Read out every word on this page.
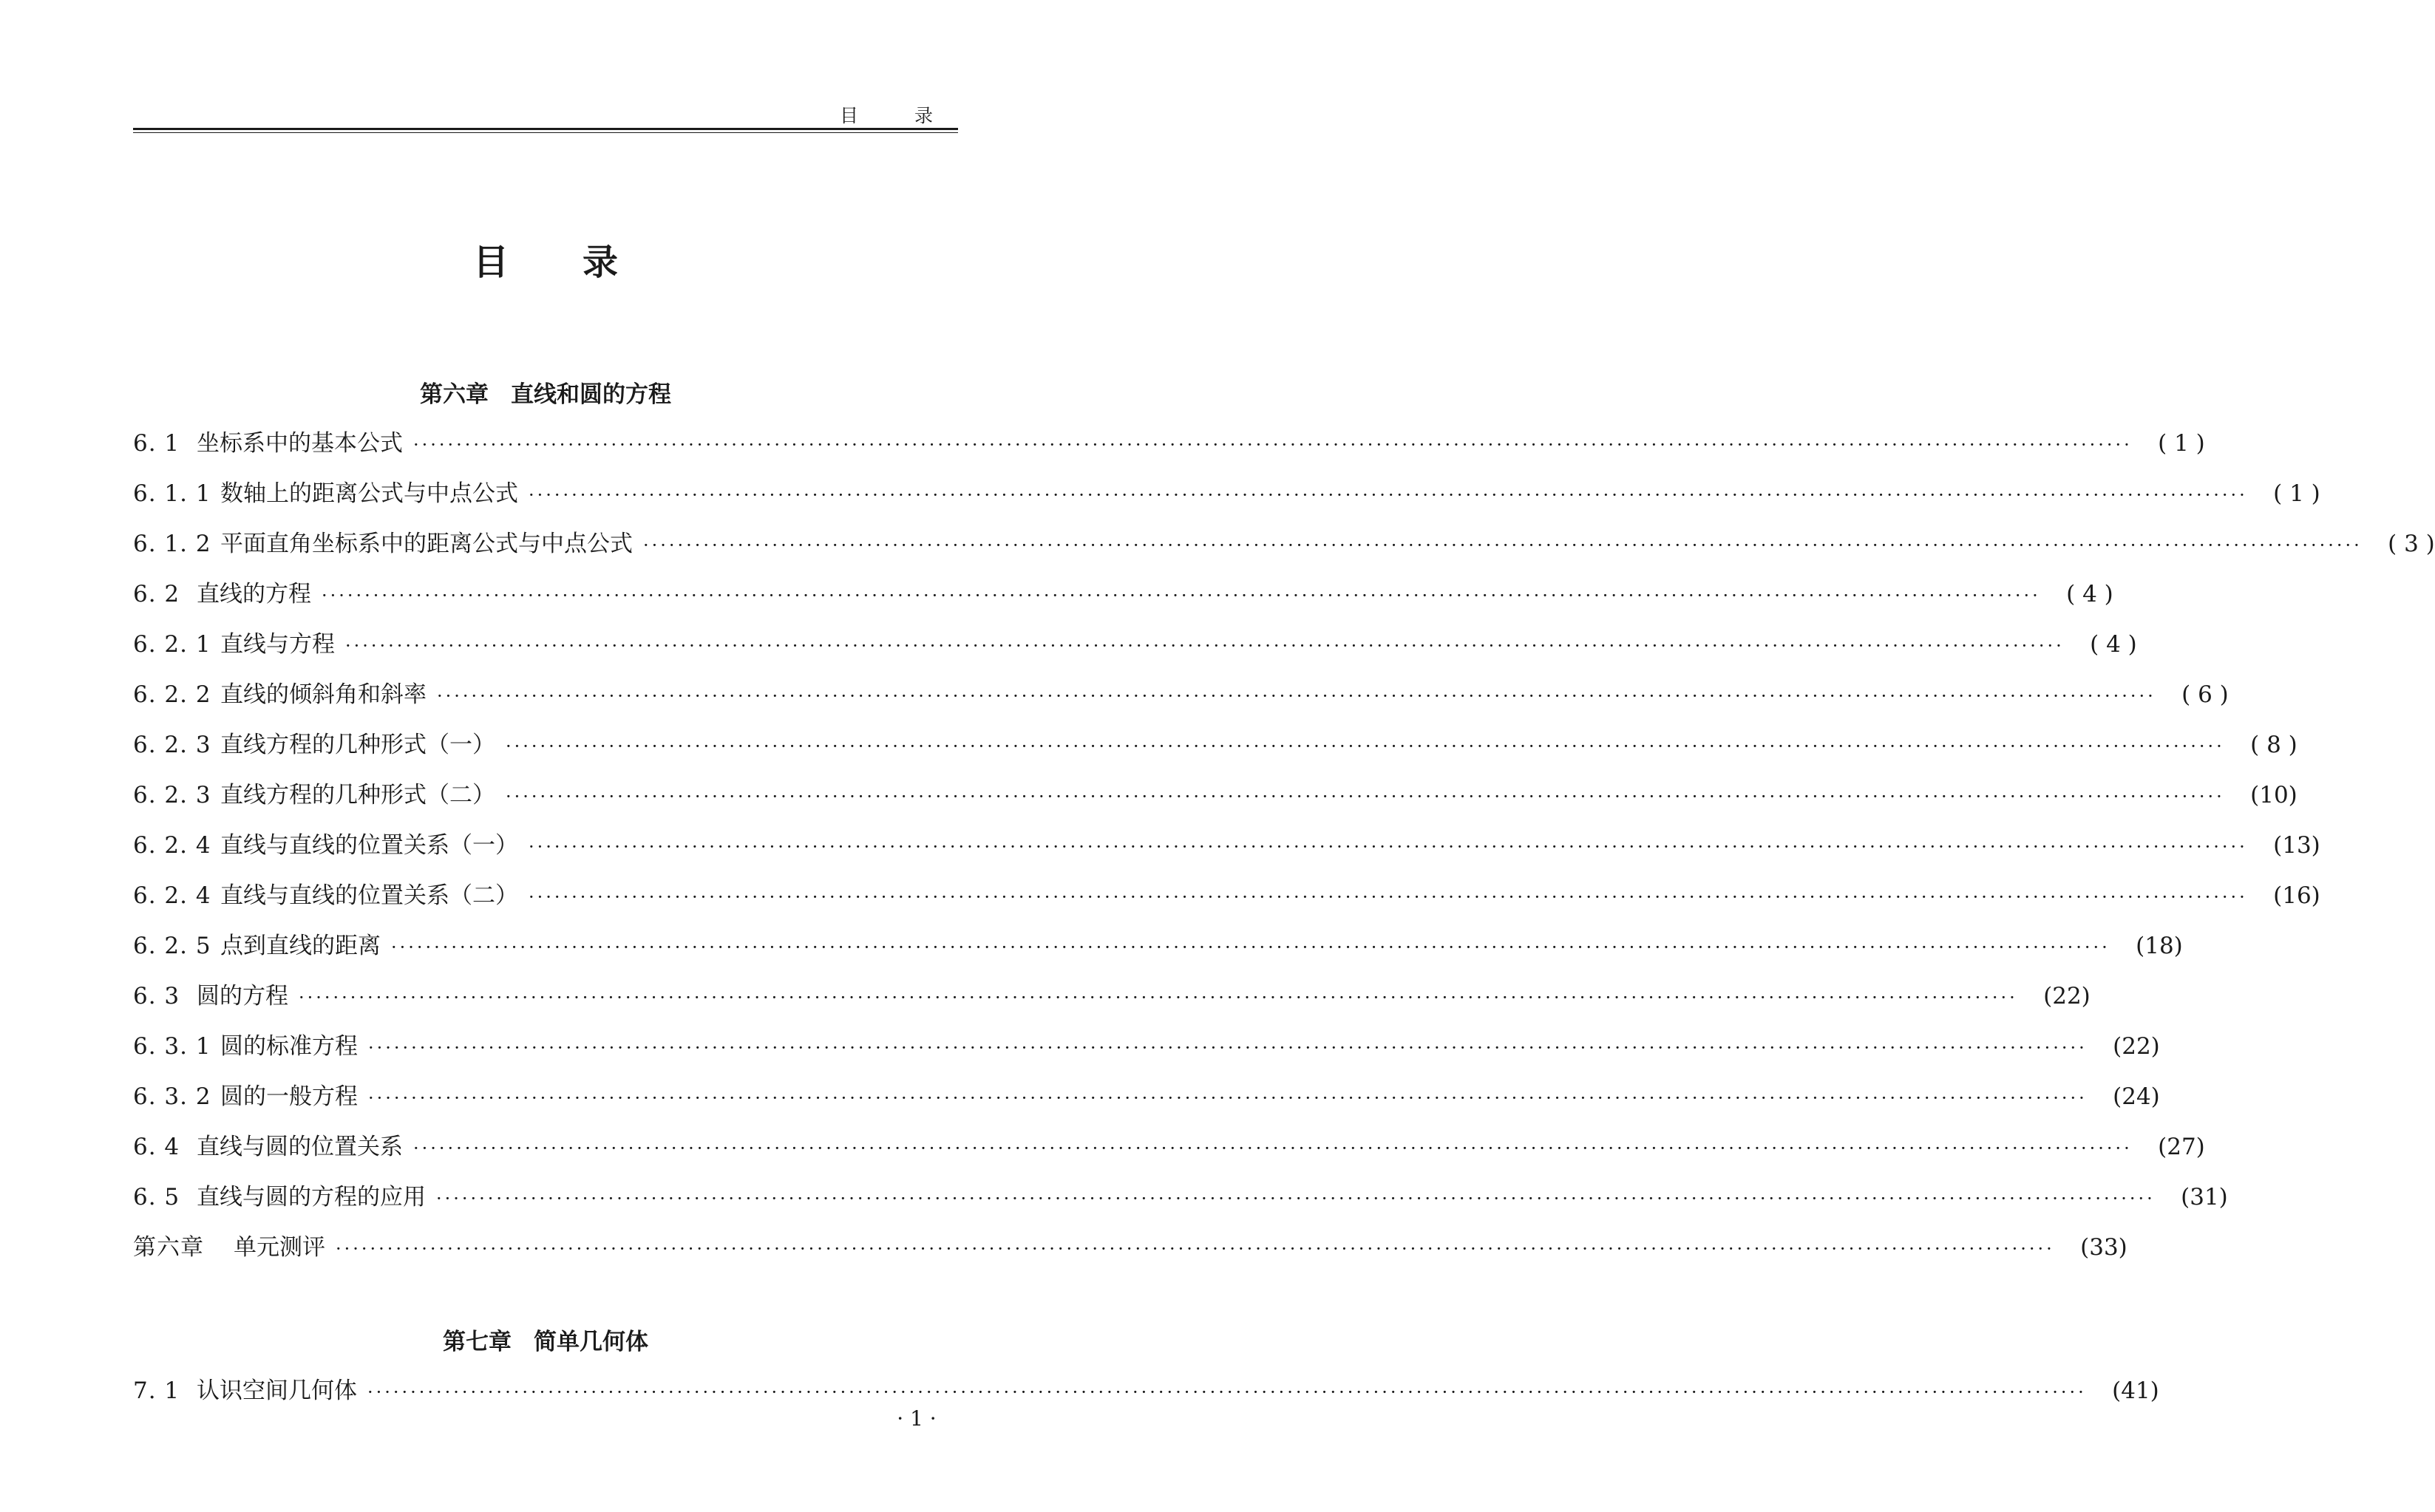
目 录
目 录
第六章 直线和圆的方程
6. 1 坐标系中的基本公式 ········································································································································································································	( 1 )
6. 1. 1 数轴上的距离公式与中点公式 ········································································································································································································	( 1 )
6. 1. 2 平面直角坐标系中的距离公式与中点公式 ········································································································································································································	( 3 )
6. 2 直线的方程 ········································································································································································································	( 4 )
6. 2. 1 直线与方程 ········································································································································································································	( 4 )
6. 2. 2 直线的倾斜角和斜率 ········································································································································································································	( 6 )
6. 2. 3 直线方程的几种形式（一） ········································································································································································································	( 8 )
6. 2. 3 直线方程的几种形式（二） ········································································································································································································	(10)
6. 2. 4 直线与直线的位置关系（一） ········································································································································································································	(13)
6. 2. 4 直线与直线的位置关系（二） ········································································································································································································	(16)
6. 2. 5 点到直线的距离 ········································································································································································································	(18)
6. 3 圆的方程 ········································································································································································································	(22)
6. 3. 1 圆的标准方程 ········································································································································································································	(22)
6. 3. 2 圆的一般方程 ········································································································································································································	(24)
6. 4 直线与圆的位置关系 ········································································································································································································	(27)
6. 5 直线与圆的方程的应用 ········································································································································································································	(31)
第六章	单元测评 ········································································································································································································	(33)
第七章 简单几何体
7. 1 认识空间几何体 ········································································································································································································	(41)
· 1 ·
